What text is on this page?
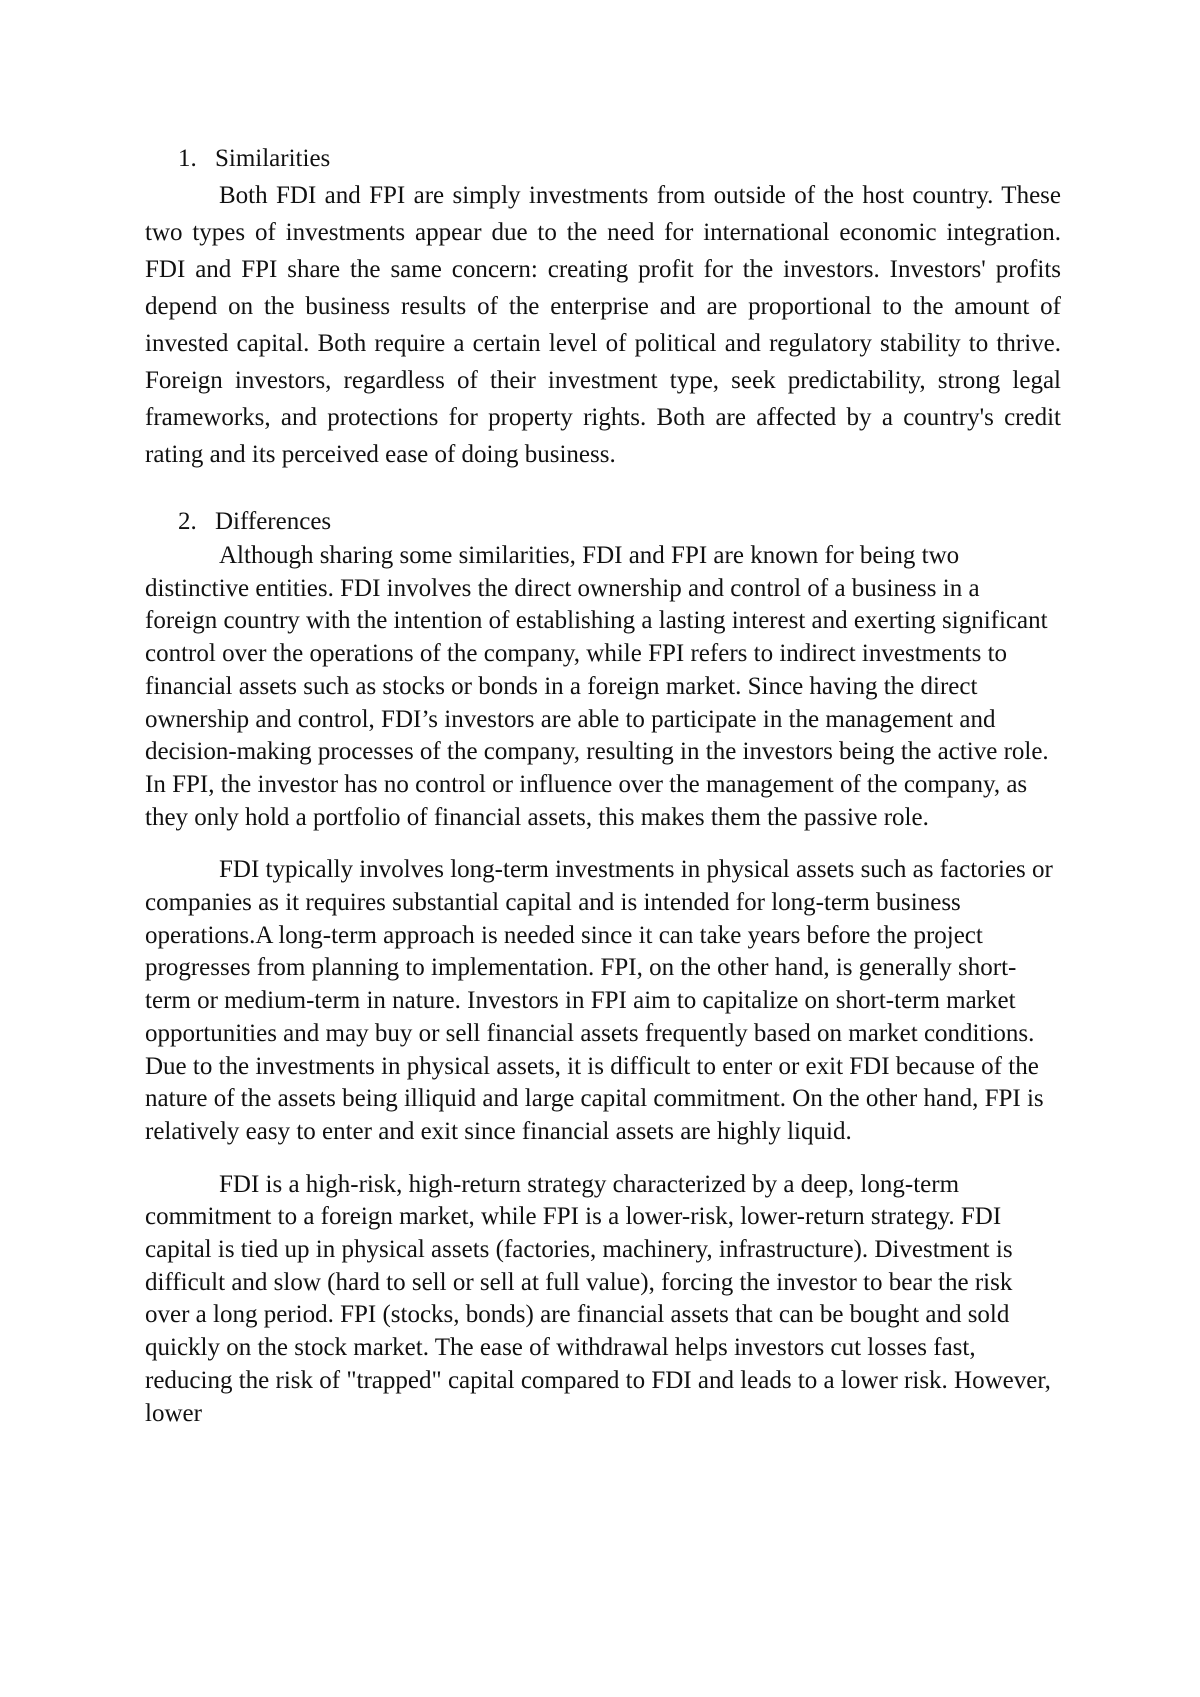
1. Similarities

Both FDI and FPI are simply investments from outside of the host country. These two types of investments appear due to the need for international economic integration. FDI and FPI share the same concern: creating profit for the investors. Investors' profits depend on the business results of the enterprise and are proportional to the amount of invested capital. Both require a certain level of political and regulatory stability to thrive. Foreign investors, regardless of their investment type, seek predictability, strong legal frameworks, and protections for property rights. Both are affected by a country's credit rating and its perceived ease of doing business.

2. Differences

Although sharing some similarities, FDI and FPI are known for being two distinctive entities. FDI involves the direct ownership and control of a business in a foreign country with the intention of establishing a lasting interest and exerting significant control over the operations of the company, while FPI refers to indirect investments to financial assets such as stocks or bonds in a foreign market. Since having the direct ownership and control, FDI’s investors are able to participate in the management and decision-making processes of the company, resulting in the investors being the active role. In FPI, the investor has no control or influence over the management of the company, as they only hold a portfolio of financial assets, this makes them the passive role.

FDI typically involves long-term investments in physical assets such as factories or companies as it requires substantial capital and is intended for long-term business operations.A long-term approach is needed since it can take years before the project progresses from planning to implementation. FPI, on the other hand, is generally short-term or medium-term in nature. Investors in FPI aim to capitalize on short-term market opportunities and may buy or sell financial assets frequently based on market conditions. Due to the investments in physical assets, it is difficult to enter or exit FDI because of the nature of the assets being illiquid and large capital commitment. On the other hand, FPI is relatively easy to enter and exit since financial assets are highly liquid.

FDI is a high-risk, high-return strategy characterized by a deep, long-term commitment to a foreign market, while FPI is a lower-risk, lower-return strategy. FDI capital is tied up in physical assets (factories, machinery, infrastructure). Divestment is difficult and slow (hard to sell or sell at full value), forcing the investor to bear the risk over a long period. FPI (stocks, bonds) are financial assets that can be bought and sold quickly on the stock market. The ease of withdrawal helps investors cut losses fast, reducing the risk of "trapped" capital compared to FDI and leads to a lower risk. However, lower
